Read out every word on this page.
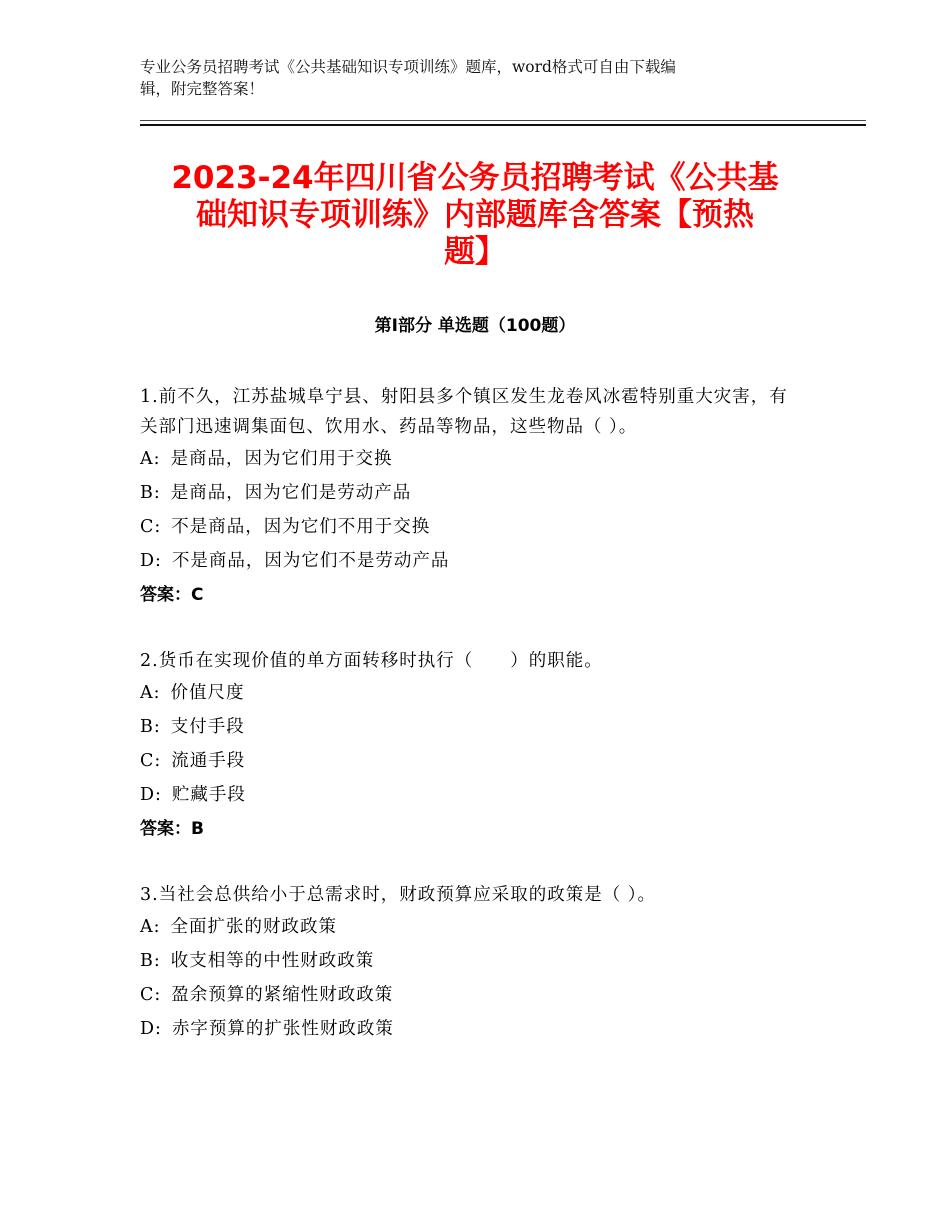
专业公务员招聘考试《公共基础知识专项训练》题库，word格式可自由下载编
辑，附完整答案！
2023-24年四川省公务员招聘考试《公共基
础知识专项训练》内部题库含答案【预热
题】
第Ⅰ部分 单选题（100题）
1.前不久，江苏盐城阜宁县、射阳县多个镇区发生龙卷风冰雹特别重大灾害，有关部门迅速调集面包、饮用水、药品等物品，这些物品（ ）。
A: 是商品，因为它们用于交换
B: 是商品，因为它们是劳动产品
C: 不是商品，因为它们不用于交换
D: 不是商品，因为它们不是劳动产品
答案：C
2.货币在实现价值的单方面转移时执行（　　）的职能。
A: 价值尺度
B: 支付手段
C: 流通手段
D: 贮藏手段
答案：B
3.当社会总供给小于总需求时，财政预算应采取的政策是（ ）。
A: 全面扩张的财政政策
B: 收支相等的中性财政政策
C: 盈余预算的紧缩性财政政策
D: 赤字预算的扩张性财政政策
